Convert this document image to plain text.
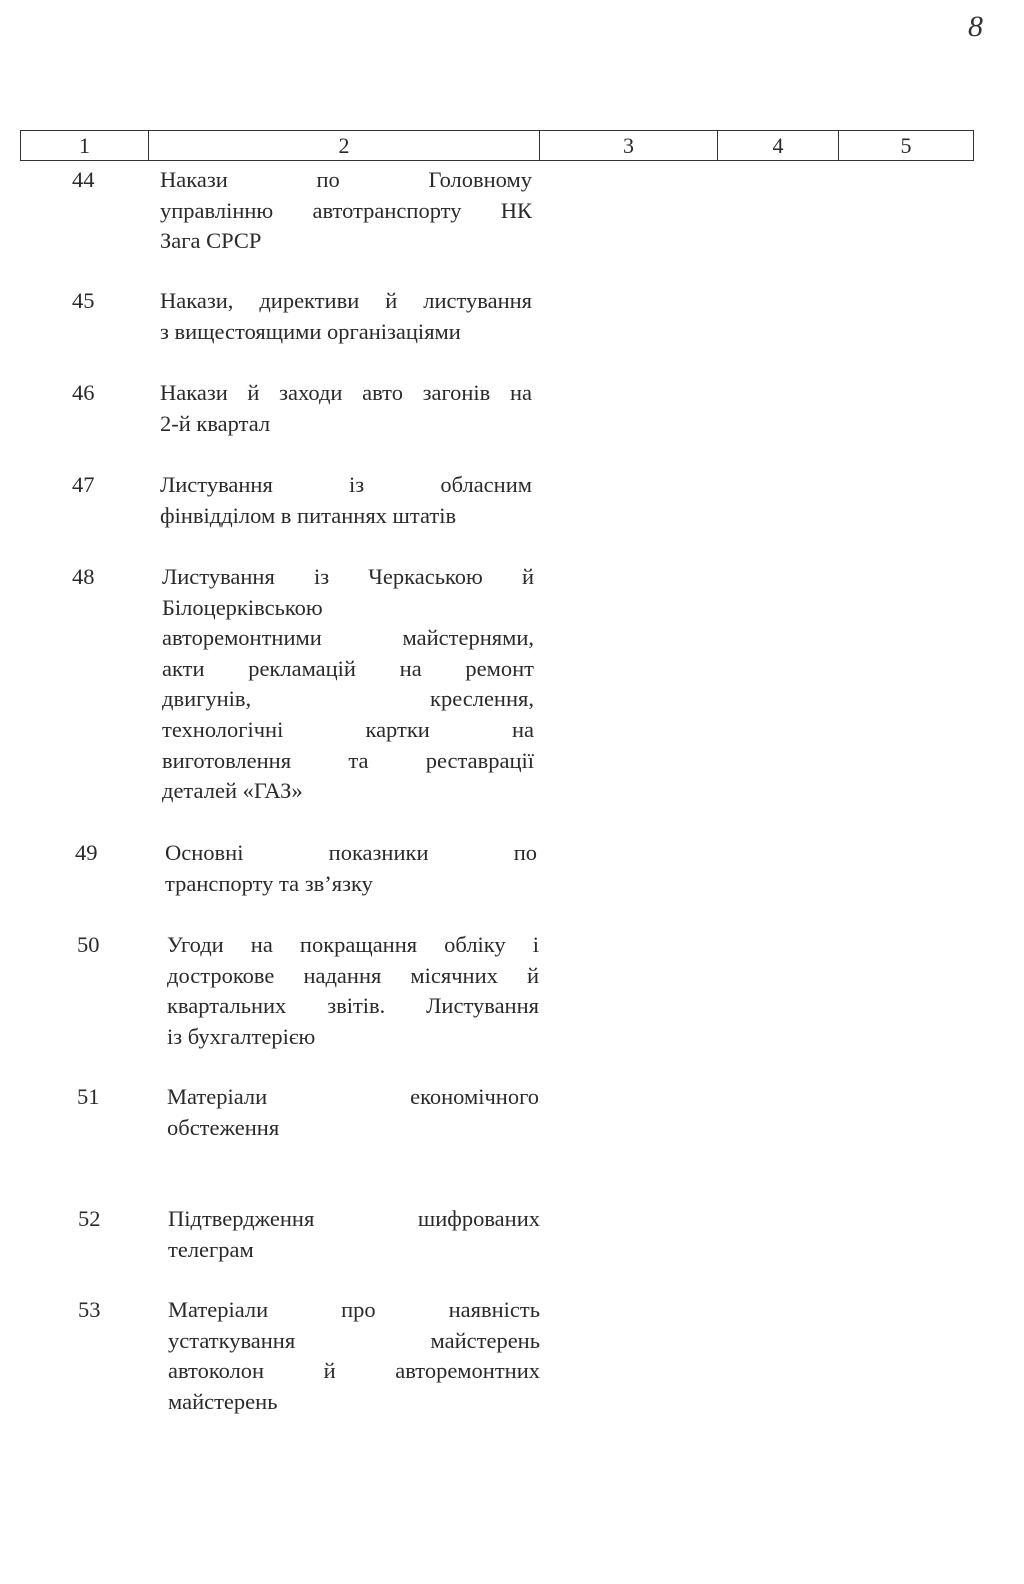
8
1	2	3	4	5
44	Накази по Головному
управлінню автотранспорту НК
Зага СРСР
45	Накази, директиви й листування
з вищестоящими організаціями
46	Накази й заходи авто загонів на
2-й квартал
47	Листування із обласним
фінвідділом в питаннях штатів
48	Листування із Черкаською й
Білоцерківською
авторемонтними майстернями,
акти рекламацій на ремонт
двигунів, креслення,
технологічні картки на
виготовлення та реставрації
деталей «ГАЗ»
49	Основні показники по
транспорту та зв’язку
50	Угоди на покращання обліку і
дострокове надання місячних й
квартальних звітів. Листування
із бухгалтерією
51	Матеріали економічного
обстеження
52	Підтвердження шифрованих
телеграм
53	Матеріали про наявність
устаткування майстерень
автоколон й авторемонтних
майстерень
